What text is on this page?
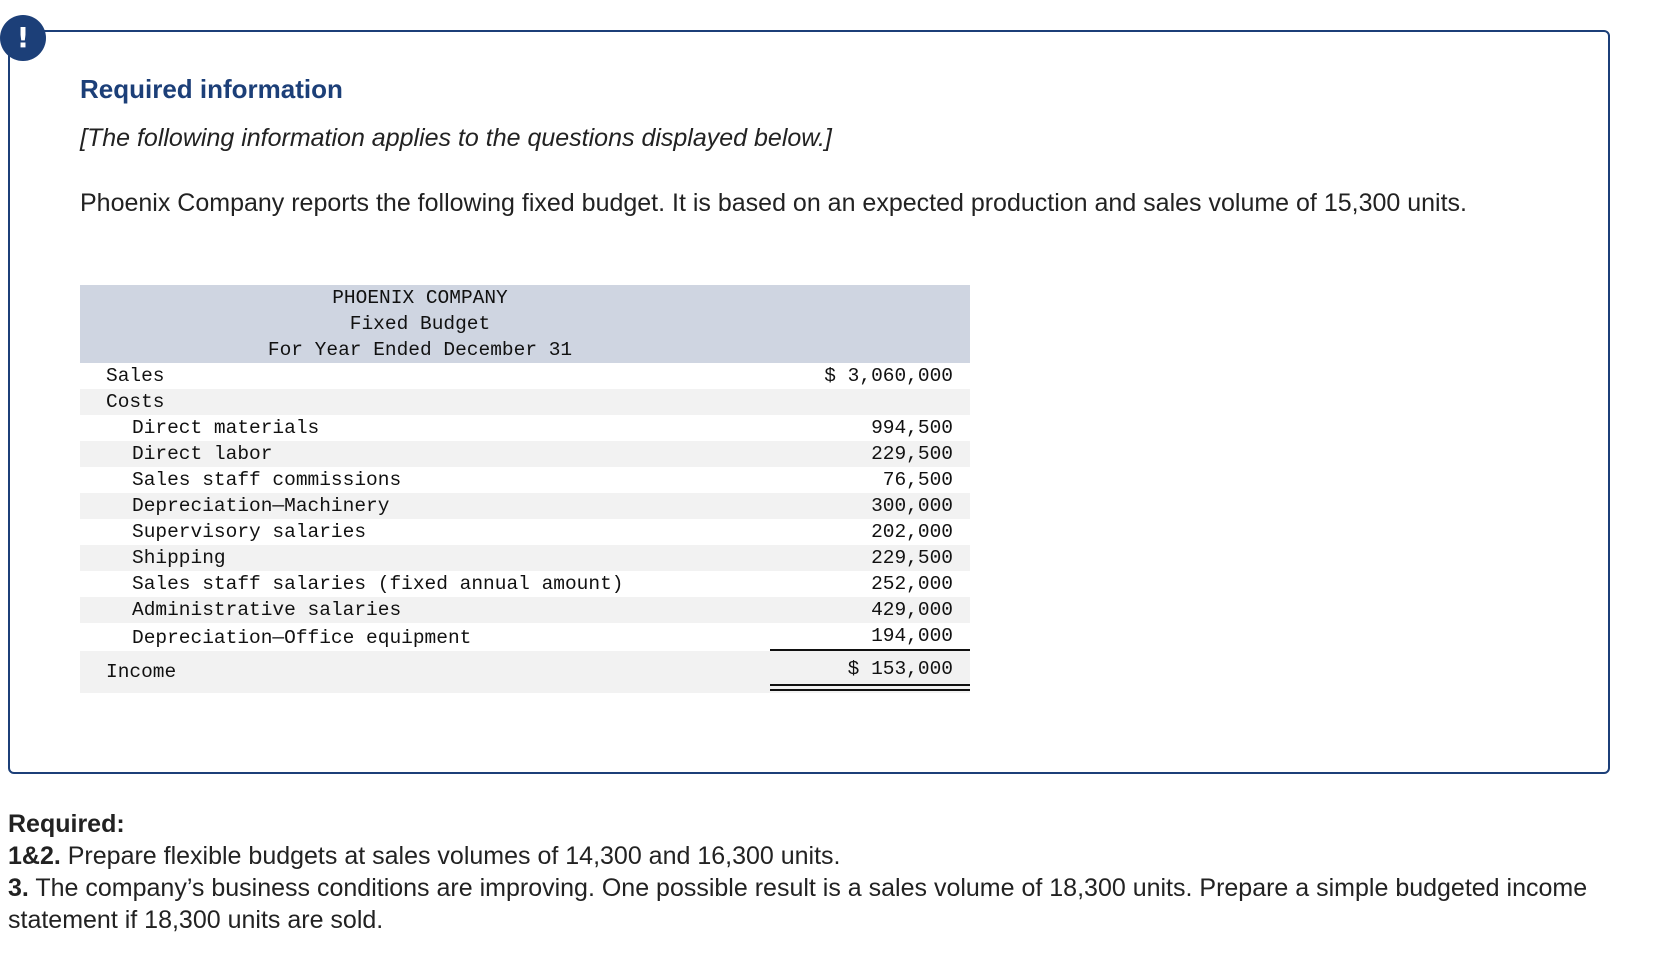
!
Required information
[The following information applies to the questions displayed below.]
Phoenix Company reports the following fixed budget. It is based on an expected production and sales volume of 15,300 units.
PHOENIX COMPANY
Fixed Budget
For Year Ended December 31
Sales	$ 3,060,000
Costs
Direct materials	994,500
Direct labor	229,500
Sales staff commissions	76,500
Depreciation—Machinery	300,000
Supervisory salaries	202,000
Shipping	229,500
Sales staff salaries (fixed annual amount)	252,000
Administrative salaries	429,000
Depreciation—Office equipment	194,000
Income	$ 153,000

Required:

1&2. Prepare flexible budgets at sales volumes of 14,300 and 16,300 units.

3. The company’s business conditions are improving. One possible result is a sales volume of 18,300 units. Prepare a simple budgeted income statement if 18,300 units are sold.
